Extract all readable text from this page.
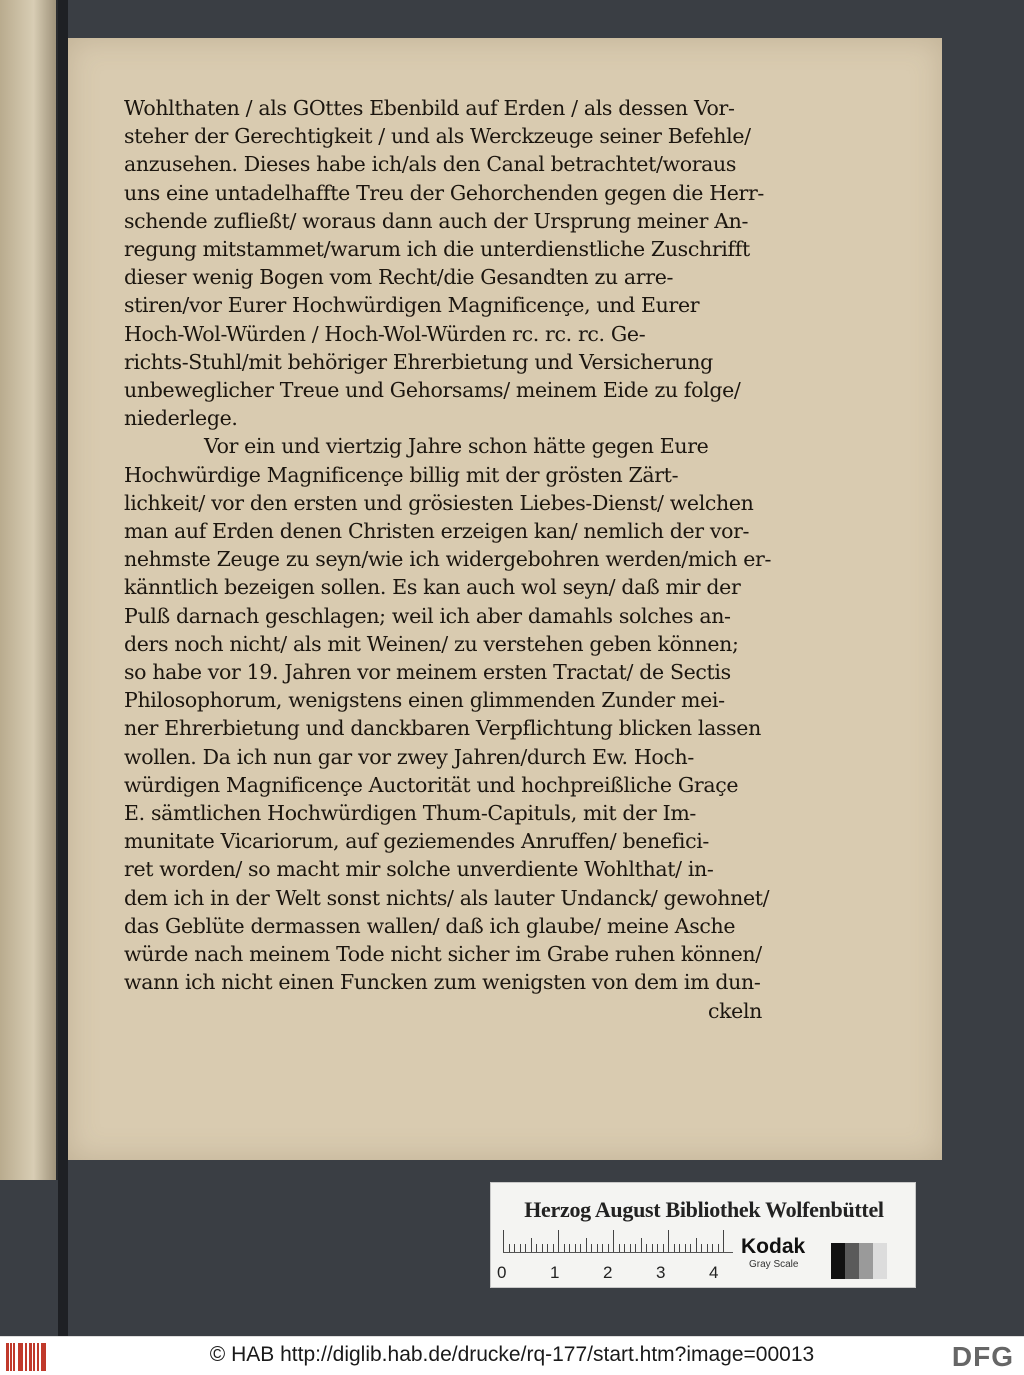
Wohlthaten / als GOttes Ebenbild auf Erden / als dessen Vor-
steher der Gerechtigkeit / und als Werckzeuge seiner Befehle/
anzusehen. Dieses habe ich/als den Canal betrachtet/woraus
uns eine untadelhaffte Treu der Gehorchenden gegen die Herr-
schende zufließt/ woraus dann auch der Ursprung meiner An-
regung mitstammet/warum ich die unterdienstliche Zuschrifft
dieser wenig Bogen vom Recht/die Gesandten zu arre-
stiren/vor Eurer Hochwürdigen Magnificençe, und Eurer
Hoch-Wol-Würden / Hoch-Wol-Würden rc. rc. rc. Ge-
richts-Stuhl/mit behöriger Ehrerbietung und Versicherung
unbeweglicher Treue und Gehorsams/ meinem Eide zu folge/
niederlege.
Vor ein und viertzig Jahre schon hätte gegen Eure
Hochwürdige Magnificençe billig mit der grösten Zärt-
lichkeit/ vor den ersten und grösiesten Liebes-Dienst/ welchen
man auf Erden denen Christen erzeigen kan/ nemlich der vor-
nehmste Zeuge zu seyn/wie ich widergebohren werden/mich er-
känntlich bezeigen sollen. Es kan auch wol seyn/ daß mir der
Pulß darnach geschlagen; weil ich aber damahls solches an-
ders noch nicht/ als mit Weinen/ zu verstehen geben können;
so habe vor 19. Jahren vor meinem ersten Tractat/ de Sectis
Philosophorum, wenigstens einen glimmenden Zunder mei-
ner Ehrerbietung und danckbaren Verpflichtung blicken lassen
wollen. Da ich nun gar vor zwey Jahren/durch Ew. Hoch-
würdigen Magnificençe Auctorität und hochpreißliche Graçe
E. sämtlichen Hochwürdigen Thum-Capituls, mit der Im-
munitate Vicariorum, auf geziemendes Anruffen/ benefici-
ret worden/ so macht mir solche unverdiente Wohlthat/ in-
dem ich in der Welt sonst nichts/ als lauter Undanck/ gewohnet/
das Geblüte dermassen wallen/ daß ich glaube/ meine Asche
würde nach meinem Tode nicht sicher im Grabe ruhen können/
wann ich nicht einen Funcken zum wenigsten von dem im dun-
ckeln
Herzog August Bibliothek Wolfenbüttel
0	1	2	3	4
Kodak
Gray Scale
© HAB http://diglib.hab.de/drucke/rq-177/start.htm?image=00013	DFG
